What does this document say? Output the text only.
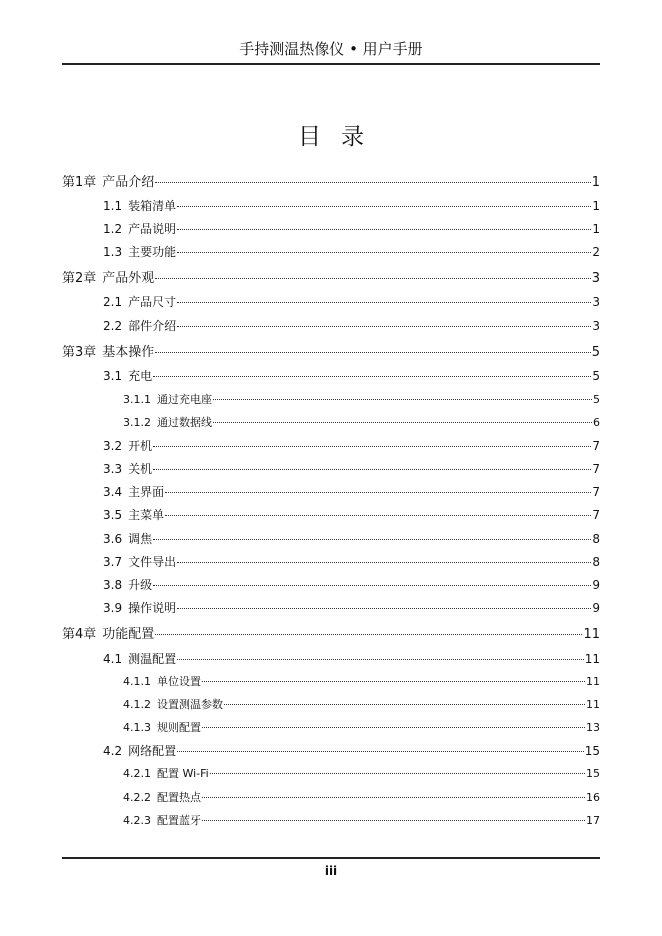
手持测温热像仪 • 用户手册
目录
第1章 产品介绍	1
1.1 装箱清单	1
1.2 产品说明	1
1.3 主要功能	2
第2章 产品外观	3
2.1 产品尺寸	3
2.2 部件介绍	3
第3章 基本操作	5
3.1 充电	5
3.1.1 通过充电座	5
3.1.2 通过数据线	6
3.2 开机	7
3.3 关机	7
3.4 主界面	7
3.5 主菜单	7
3.6 调焦	8
3.7 文件导出	8
3.8 升级	9
3.9 操作说明	9
第4章 功能配置	11
4.1 测温配置	11
4.1.1 单位设置	11
4.1.2 设置测温参数	11
4.1.3 规则配置	13
4.2 网络配置	15
4.2.1 配置 Wi-Fi	15
4.2.2 配置热点	16
4.2.3 配置蓝牙	17
iii
